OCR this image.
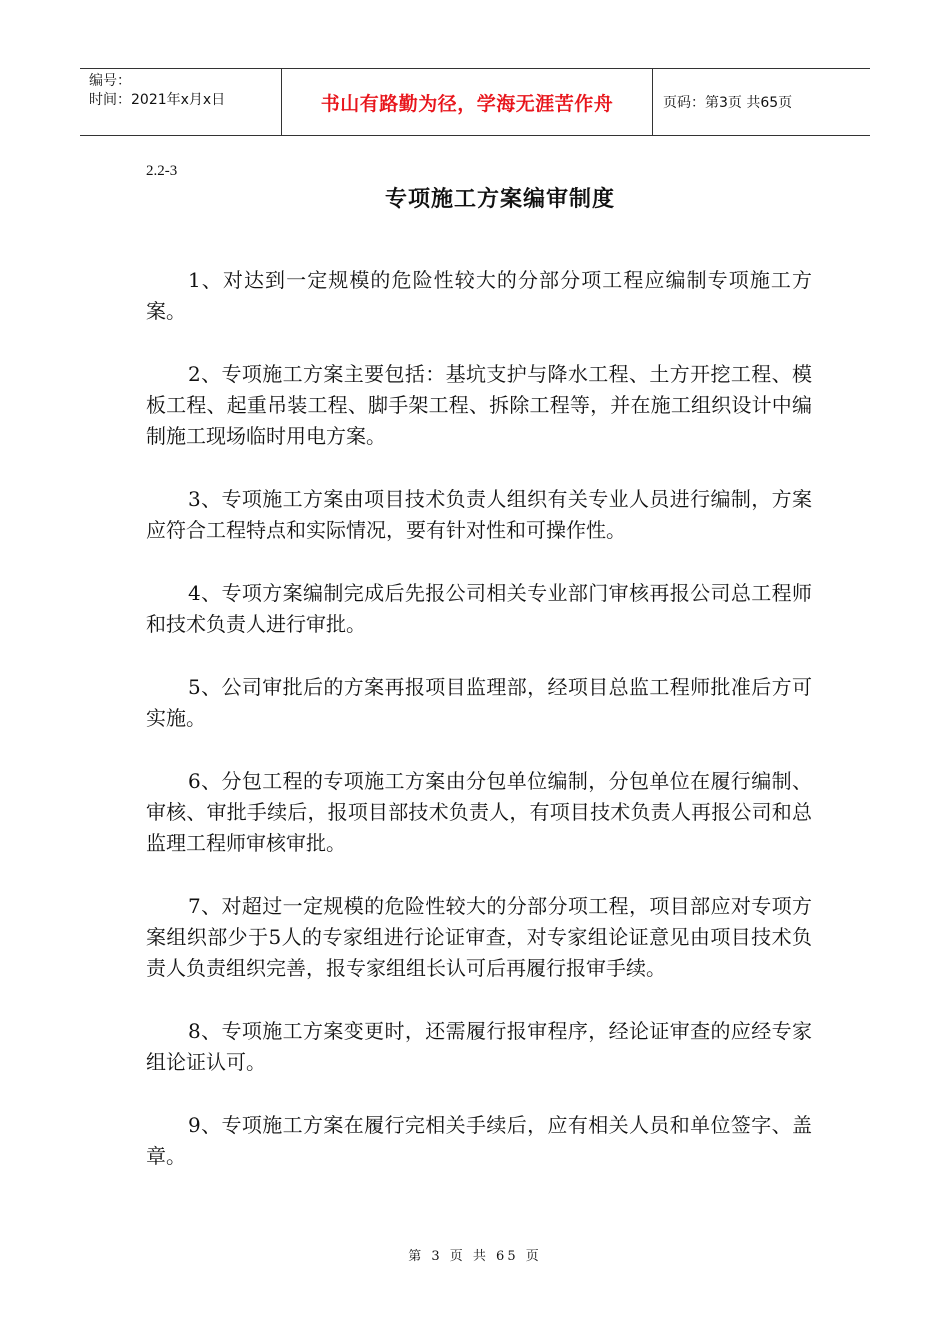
编号：
时间：2021年x月x日	书山有路勤为径，学海无涯苦作舟	页码：第3页 共65页
2.2-3
专项施工方案编审制度

1、对达到一定规模的危险性较大的分部分项工程应编制专项施工方案。

2、专项施工方案主要包括：基坑支护与降水工程、土方开挖工程、模板工程、起重吊装工程、脚手架工程、拆除工程等，并在施工组织设计中编制施工现场临时用电方案。

3、专项施工方案由项目技术负责人组织有关专业人员进行编制，方案应符合工程特点和实际情况，要有针对性和可操作性。

4、专项方案编制完成后先报公司相关专业部门审核再报公司总工程师和技术负责人进行审批。

5、公司审批后的方案再报项目监理部，经项目总监工程师批准后方可实施。

6、分包工程的专项施工方案由分包单位编制，分包单位在履行编制、审核、审批手续后，报项目部技术负责人，有项目技术负责人再报公司和总监理工程师审核审批。

7、对超过一定规模的危险性较大的分部分项工程，项目部应对专项方案组织部少于5人的专家组进行论证审查，对专家组论证意见由项目技术负责人负责组织完善，报专家组组长认可后再履行报审手续。

8、专项施工方案变更时，还需履行报审程序，经论证审查的应经专家组论证认可。

9、专项施工方案在履行完相关手续后，应有相关人员和单位签字、盖章。

第 3 页 共 65 页
